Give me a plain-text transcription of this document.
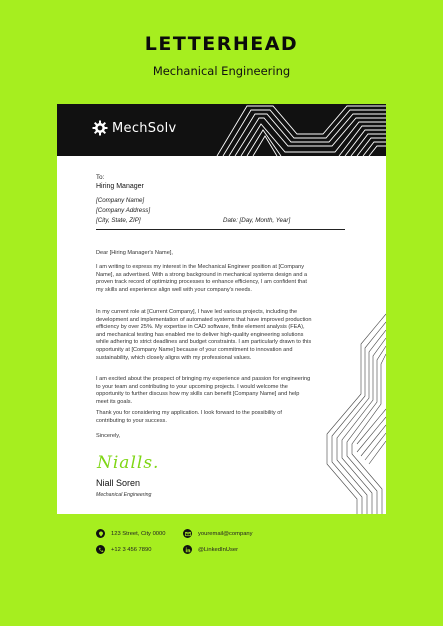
LETTERHEAD
Mechanical Engineering
MechSolv
To:
Hiring Manager
[Company Name]
[Company Address]
[City, State, ZIP]	Date: [Day, Month, Year]
Dear [Hiring Manager's Name],
I am writing to express my interest in the Mechanical Engineer position at [Company Name], as advertised. With a strong background in mechanical systems design and a proven track record of optimizing processes to enhance efficiency, I am confident that my skills and experience align well with your company's needs.
In my current role at [Current Company], I have led various projects, including the development and implementation of automated systems that have improved production efficiency by over 25%. My expertise in CAD software, finite element analysis (FEA), and mechanical testing has enabled me to deliver high-quality engineering solutions while adhering to strict deadlines and budget constraints. I am particularly drawn to this opportunity at [Company Name] because of your commitment to innovation and sustainability, which closely aligns with my professional values.
I am excited about the prospect of bringing my experience and passion for engineering to your team and contributing to your upcoming projects. I would welcome the opportunity to further discuss how my skills can benefit [Company Name] and help meet its goals.
Thank you for considering my application. I look forward to the possibility of contributing to your success.
Sincerely,
Nialls.
Niall Soren
Mechanical Engineering
123 Street, City 0000	youremail@company
+12 3 456 7890	@LinkedInUser
